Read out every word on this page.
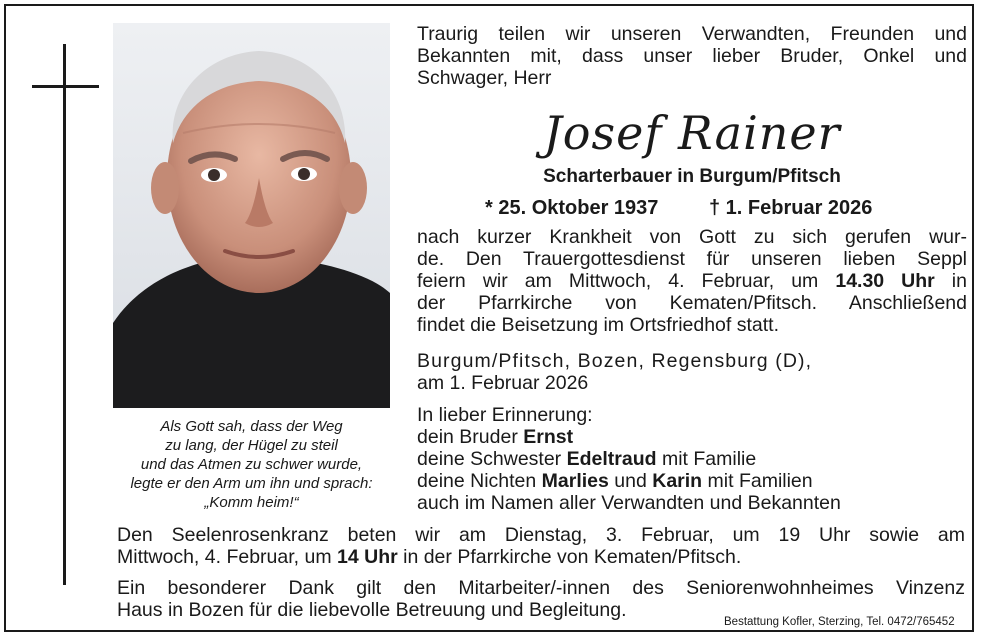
Als Gott sah, dass der Weg
zu lang, der Hügel zu steil
und das Atmen zu schwer wurde,
legte er den Arm um ihn und sprach:
„Komm heim!“
Traurig teilen wir unseren Verwandten, Freunden und
Bekannten mit, dass unser lieber Bruder, Onkel und
Schwager, Herr
Josef Rainer
Scharterbauer in Burgum/Pfitsch
* 25. Oktober 1937	† 1. Februar 2026
nach kurzer Krankheit von Gott zu sich gerufen wur-
de. Den Trauergottesdienst für unseren lieben Seppl
feiern wir am Mittwoch, 4. Februar, um 14.30 Uhr in
der Pfarrkirche von Kematen/Pfitsch. Anschließend
findet die Beisetzung im Ortsfriedhof statt.
Burgum/Pfitsch, Bozen, Regensburg (D),
am 1. Februar 2026
In lieber Erinnerung:
dein Bruder Ernst
deine Schwester Edeltraud mit Familie
deine Nichten Marlies und Karin mit Familien
auch im Namen aller Verwandten und Bekannten
Den Seelenrosenkranz beten wir am Dienstag, 3. Februar, um 19 Uhr sowie am
Mittwoch, 4. Februar, um 14 Uhr in der Pfarrkirche von Kematen/Pfitsch.
Ein besonderer Dank gilt den Mitarbeiter/-innen des Seniorenwohnheimes Vinzenz
Haus in Bozen für die liebevolle Betreuung und Begleitung.
Bestattung Kofler, Sterzing, Tel. 0472/765452
